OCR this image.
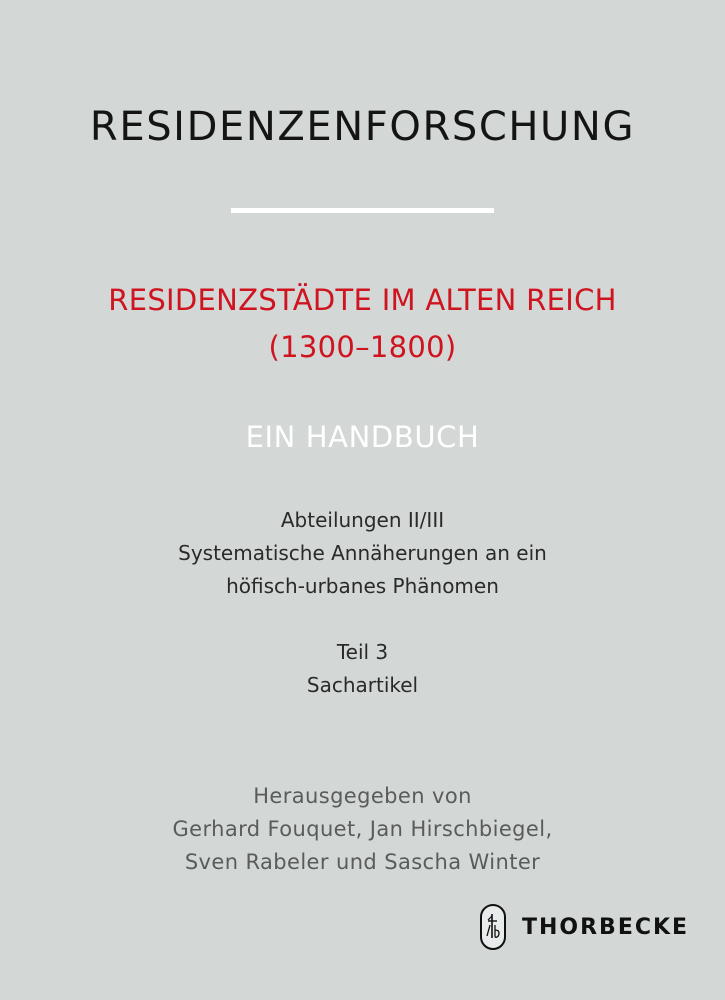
RESIDENZENFORSCHUNG
RESIDENZSTÄDTE IM ALTEN REICH
(1300–1800)
EIN HANDBUCH
Abteilungen II/III
Systematische Annäherungen an ein
höfisch-urbanes Phänomen
Teil 3
Sachartikel
Herausgegeben von
Gerhard Fouquet, Jan Hirschbiegel,
Sven Rabeler und Sascha Winter
THORBECKE
